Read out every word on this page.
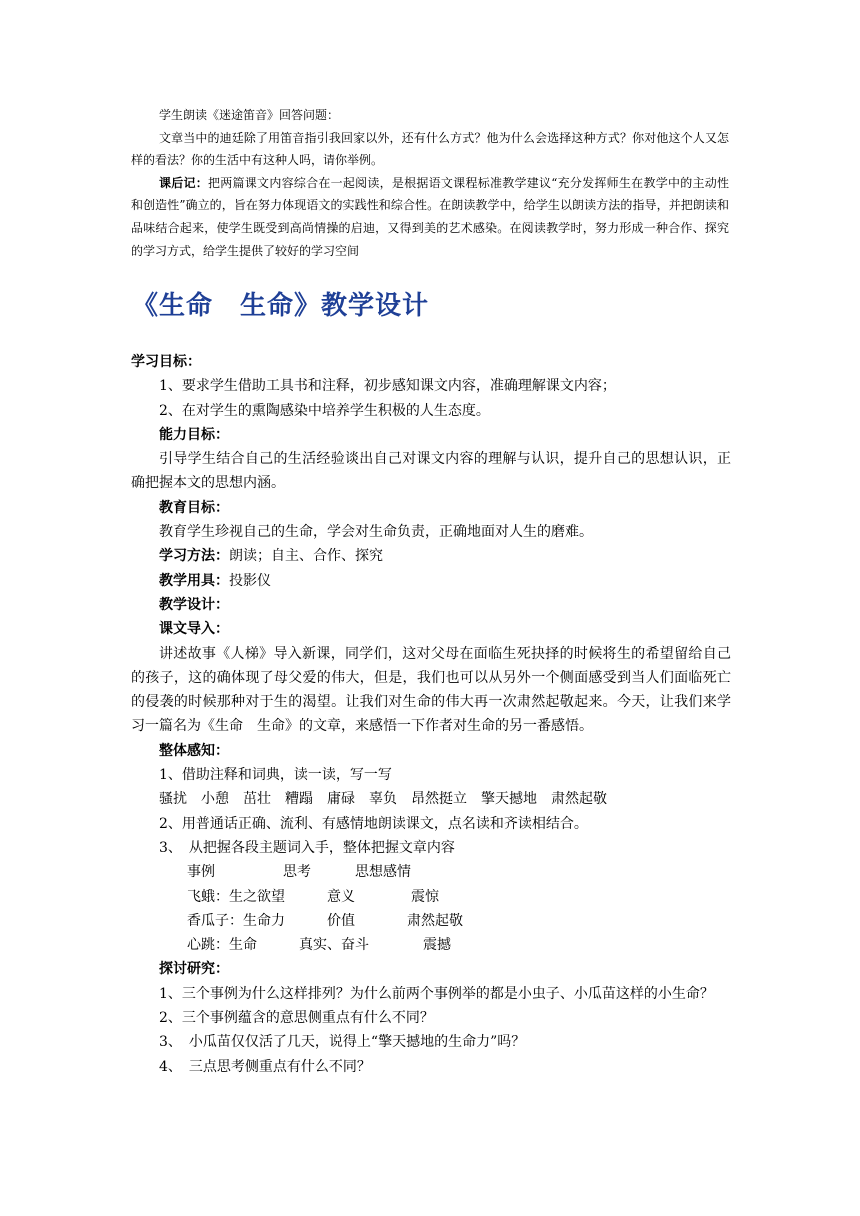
学生朗读《迷途笛音》回答问题：

文章当中的迪廷除了用笛音指引我回家以外，还有什么方式？他为什么会选择这种方式？你对他这个人又怎样的看法？你的生活中有这种人吗，请你举例。

课后记：把两篇课文内容综合在一起阅读，是根据语文课程标准教学建议“充分发挥师生在教学中的主动性和创造性”确立的，旨在努力体现语文的实践性和综合性。在朗读教学中，给学生以朗读方法的指导，并把朗读和品味结合起来，使学生既受到高尚情操的启迪，又得到美的艺术感染。在阅读教学时，努力形成一种合作、探究的学习方式，给学生提供了较好的学习空间

《生命　生命》教学设计

学习目标：

1、要求学生借助工具书和注释，初步感知课文内容，准确理解课文内容；

2、在对学生的熏陶感染中培养学生积极的人生态度。

能力目标：

引导学生结合自己的生活经验谈出自己对课文内容的理解与认识，提升自己的思想认识，正确把握本文的思想内涵。

教育目标：

教育学生珍视自己的生命，学会对生命负责，正确地面对人生的磨难。

学习方法：朗读；自主、合作、探究

教学用具：投影仪

教学设计：

课文导入：

讲述故事《人梯》导入新课，同学们，这对父母在面临生死抉择的时候将生的希望留给自己的孩子，这的确体现了母父爱的伟大，但是，我们也可以从另外一个侧面感受到当人们面临死亡的侵袭的时候那种对于生的渴望。让我们对生命的伟大再一次肃然起敬起来。今天，让我们来学习一篇名为《生命　生命》的文章，来感悟一下作者对生命的另一番感悟。

整体感知：

1、借助注释和词典，读一读，写一写

骚扰　小憩　茁壮　糟蹋　庸碌　辜负　昂然挺立　擎天撼地　肃然起敬

2、用普通话正确、流利、有感情地朗读课文，点名读和齐读相结合。

3、　从把握各段主题词入手，整体把握文章内容

事例	思考	思想感情

飞蛾：生之欲望	意义	震惊

香瓜子：生命力	价值	肃然起敬

心跳：生命	真实、奋斗	震撼

探讨研究：

1、三个事例为什么这样排列？为什么前两个事例举的都是小虫子、小瓜苗这样的小生命？

2、三个事例蕴含的意思侧重点有什么不同？

3、　小瓜苗仅仅活了几天，说得上“擎天撼地的生命力”吗？

4、　三点思考侧重点有什么不同？
